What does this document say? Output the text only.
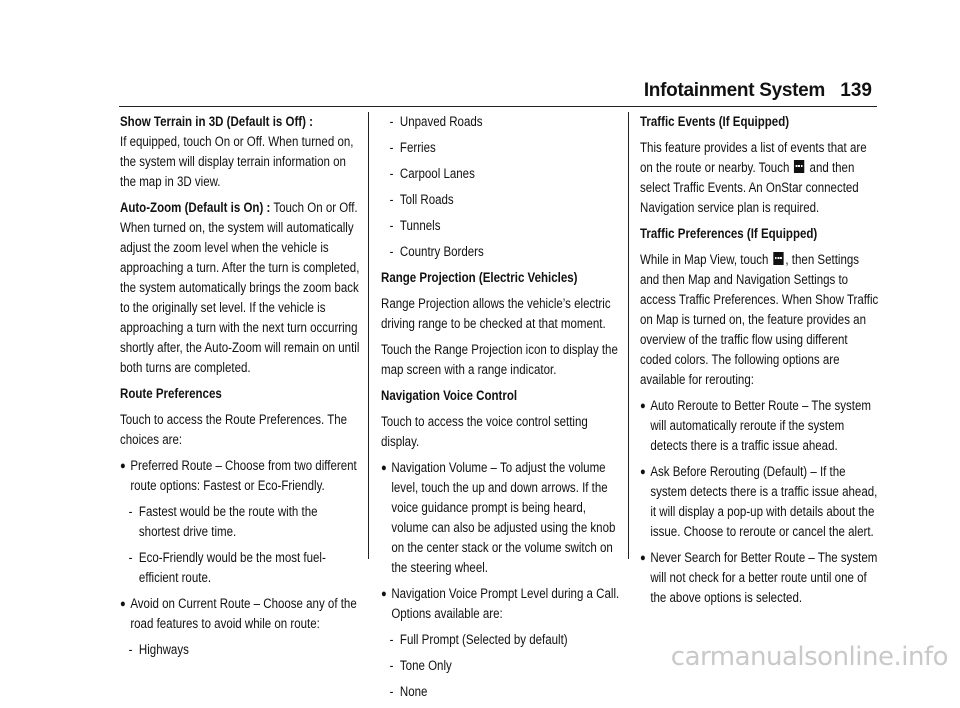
Infotainment System 139

Show Terrain in 3D (Default is Off) :
If equipped, touch On or Off. When turned on, the system will display terrain information on the map in 3D view.

Auto-Zoom (Default is On) : Touch On or Off. When turned on, the system will automatically adjust the zoom level when the vehicle is approaching a turn. After the turn is completed, the system automatically brings the zoom back to the originally set level. If the vehicle is approaching a turn with the next turn occurring shortly after, the Auto-Zoom will remain on until both turns are completed.

Route Preferences

Touch to access the Route Preferences. The choices are:

● Preferred Route – Choose from two different route options: Fastest or Eco-Friendly.
- Fastest would be the route with the shortest drive time.
- Eco-Friendly would be the most fuel-efficient route.
● Avoid on Current Route – Choose any of the road features to avoid while on route:
- Highways
- Unpaved Roads
- Ferries
- Carpool Lanes
- Toll Roads
- Tunnels
- Country Borders

Range Projection (Electric Vehicles)

Range Projection allows the vehicle’s electric driving range to be checked at that moment.

Touch the Range Projection icon to display the map screen with a range indicator.

Navigation Voice Control

Touch to access the voice control setting display.

● Navigation Volume – To adjust the volume level, touch the up and down arrows. If the voice guidance prompt is being heard, volume can also be adjusted using the knob on the center stack or the volume switch on the steering wheel.
● Navigation Voice Prompt Level during a Call. Options available are:
- Full Prompt (Selected by default)
- Tone Only
- None

Traffic Events (If Equipped)

This feature provides a list of events that are on the route or nearby. Touch  and then select Traffic Events. An OnStar connected Navigation service plan is required.

Traffic Preferences (If Equipped)

While in Map View, touch , then Settings and then Map and Navigation Settings to access Traffic Preferences. When Show Traffic on Map is turned on, the feature provides an overview of the traffic flow using different coded colors. The following options are available for rerouting:

● Auto Reroute to Better Route – The system will automatically reroute if the system detects there is a traffic issue ahead.
● Ask Before Rerouting (Default) – If the system detects there is a traffic issue ahead, it will display a pop-up with details about the issue. Choose to reroute or cancel the alert.
● Never Search for Better Route – The system will not check for a better route until one of the above options is selected.
carmanualsonline.info
